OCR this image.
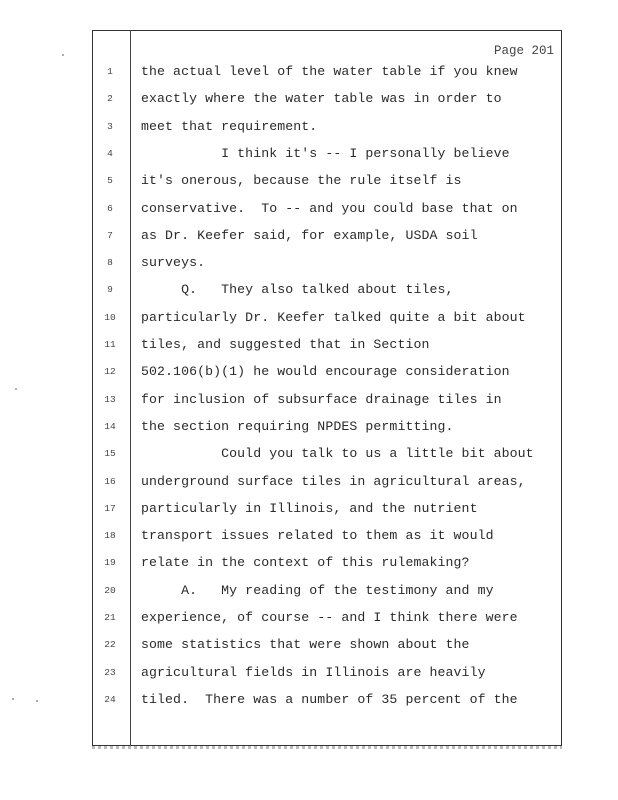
Page 201
1	the actual level of the water table if you knew
2	exactly where the water table was in order to
3	meet that requirement.
4	I think it's -- I personally believe
5	it's onerous, because the rule itself is
6	conservative.  To -- and you could base that on
7	as Dr. Keefer said, for example, USDA soil
8	surveys.
9	Q.   They also talked about tiles,
10	particularly Dr. Keefer talked quite a bit about
11	tiles, and suggested that in Section
12	502.106(b)(1) he would encourage consideration
13	for inclusion of subsurface drainage tiles in
14	the section requiring NPDES permitting.
15	Could you talk to us a little bit about
16	underground surface tiles in agricultural areas,
17	particularly in Illinois, and the nutrient
18	transport issues related to them as it would
19	relate in the context of this rulemaking?
20	A.   My reading of the testimony and my
21	experience, of course -- and I think there were
22	some statistics that were shown about the
23	agricultural fields in Illinois are heavily
24	tiled.  There was a number of 35 percent of the
